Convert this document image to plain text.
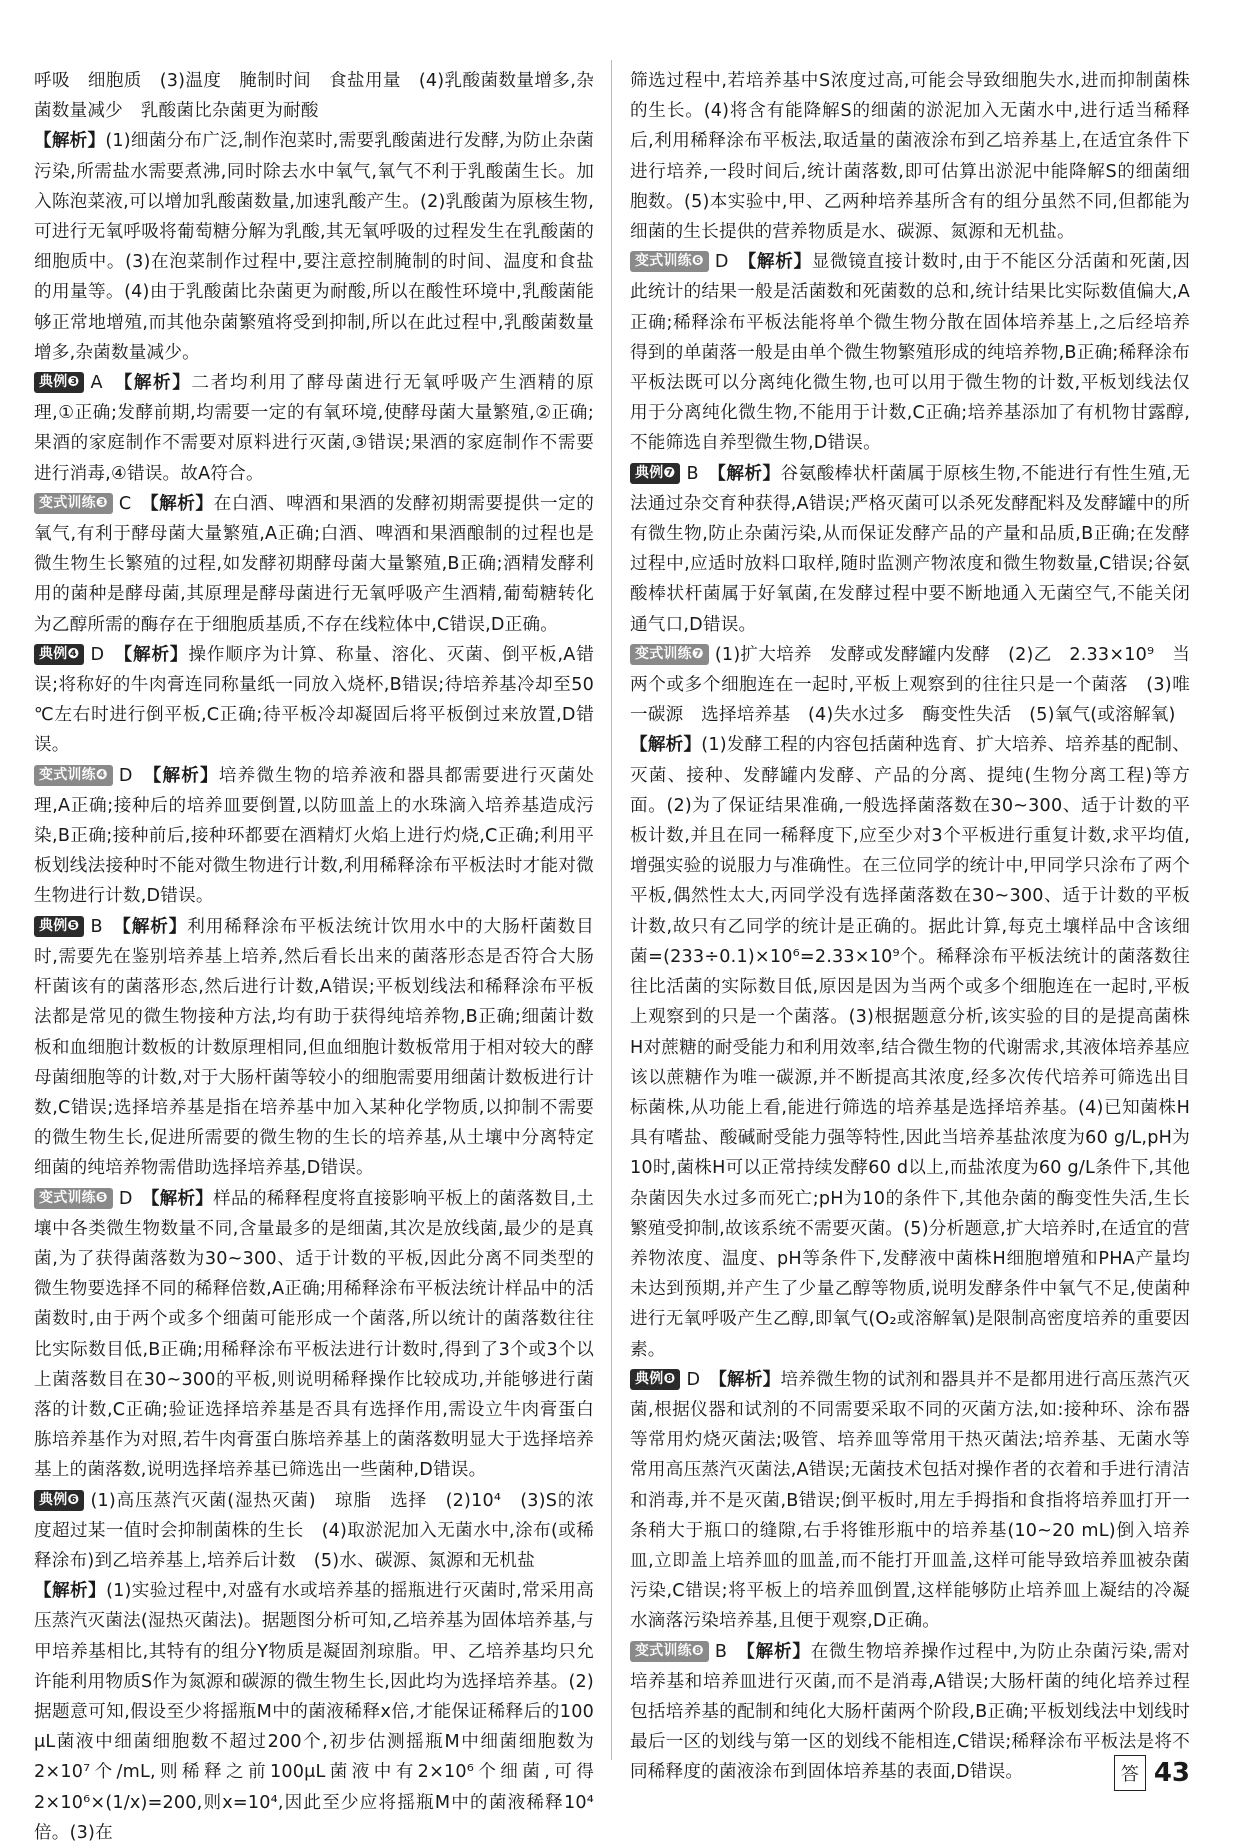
呼吸　细胞质　(3)温度　腌制时间　食盐用量　(4)乳酸菌数量增多,杂菌数量减少　乳酸菌比杂菌更为耐酸

【解析】(1)细菌分布广泛,制作泡菜时,需要乳酸菌进行发酵,为防止杂菌污染,所需盐水需要煮沸,同时除去水中氧气,氧气不利于乳酸菌生长。加入陈泡菜液,可以增加乳酸菌数量,加速乳酸产生。(2)乳酸菌为原核生物,可进行无氧呼吸将葡萄糖分解为乳酸,其无氧呼吸的过程发生在乳酸菌的细胞质中。(3)在泡菜制作过程中,要注意控制腌制的时间、温度和食盐的用量等。(4)由于乳酸菌比杂菌更为耐酸,所以在酸性环境中,乳酸菌能够正常地增殖,而其他杂菌繁殖将受到抑制,所以在此过程中,乳酸菌数量增多,杂菌数量减少。

典例❸ A　【解析】二者均利用了酵母菌进行无氧呼吸产生酒精的原理,①正确;发酵前期,均需要一定的有氧环境,使酵母菌大量繁殖,②正确;果酒的家庭制作不需要对原料进行灭菌,③错误;果酒的家庭制作不需要进行消毒,④错误。故A符合。

变式训练❸ C　【解析】在白酒、啤酒和果酒的发酵初期需要提供一定的氧气,有利于酵母菌大量繁殖,A正确;白酒、啤酒和果酒酿制的过程也是微生物生长繁殖的过程,如发酵初期酵母菌大量繁殖,B正确;酒精发酵利用的菌种是酵母菌,其原理是酵母菌进行无氧呼吸产生酒精,葡萄糖转化为乙醇所需的酶存在于细胞质基质,不存在线粒体中,C错误,D正确。

典例❹ D　【解析】操作顺序为计算、称量、溶化、灭菌、倒平板,A错误;将称好的牛肉膏连同称量纸一同放入烧杯,B错误;待培养基冷却至50 ℃左右时进行倒平板,C正确;待平板冷却凝固后将平板倒过来放置,D错误。

变式训练❹ D　【解析】培养微生物的培养液和器具都需要进行灭菌处理,A正确;接种后的培养皿要倒置,以防皿盖上的水珠滴入培养基造成污染,B正确;接种前后,接种环都要在酒精灯火焰上进行灼烧,C正确;利用平板划线法接种时不能对微生物进行计数,利用稀释涂布平板法时才能对微生物进行计数,D错误。

典例❺ B　【解析】利用稀释涂布平板法统计饮用水中的大肠杆菌数目时,需要先在鉴别培养基上培养,然后看长出来的菌落形态是否符合大肠杆菌该有的菌落形态,然后进行计数,A错误;平板划线法和稀释涂布平板法都是常见的微生物接种方法,均有助于获得纯培养物,B正确;细菌计数板和血细胞计数板的计数原理相同,但血细胞计数板常用于相对较大的酵母菌细胞等的计数,对于大肠杆菌等较小的细胞需要用细菌计数板进行计数,C错误;选择培养基是指在培养基中加入某种化学物质,以抑制不需要的微生物生长,促进所需要的微生物的生长的培养基,从土壤中分离特定细菌的纯培养物需借助选择培养基,D错误。

变式训练❺ D　【解析】样品的稀释程度将直接影响平板上的菌落数目,土壤中各类微生物数量不同,含量最多的是细菌,其次是放线菌,最少的是真菌,为了获得菌落数为30~300、适于计数的平板,因此分离不同类型的微生物要选择不同的稀释倍数,A正确;用稀释涂布平板法统计样品中的活菌数时,由于两个或多个细菌可能形成一个菌落,所以统计的菌落数往往比实际数目低,B正确;用稀释涂布平板法进行计数时,得到了3个或3个以上菌落数目在30~300的平板,则说明稀释操作比较成功,并能够进行菌落的计数,C正确;验证选择培养基是否具有选择作用,需设立牛肉膏蛋白胨培养基作为对照,若牛肉膏蛋白胨培养基上的菌落数明显大于选择培养基上的菌落数,说明选择培养基已筛选出一些菌种,D错误。

典例❻ (1)高压蒸汽灭菌(湿热灭菌)　琼脂　选择　(2)10⁴　(3)S的浓度超过某一值时会抑制菌株的生长　(4)取淤泥加入无菌水中,涂布(或稀释涂布)到乙培养基上,培养后计数　(5)水、碳源、氮源和无机盐

【解析】(1)实验过程中,对盛有水或培养基的摇瓶进行灭菌时,常采用高压蒸汽灭菌法(湿热灭菌法)。据题图分析可知,乙培养基为固体培养基,与甲培养基相比,其特有的组分Y物质是凝固剂琼脂。甲、乙培养基均只允许能利用物质S作为氮源和碳源的微生物生长,因此均为选择培养基。(2)据题意可知,假设至少将摇瓶M中的菌液稀释x倍,才能保证稀释后的100 μL菌液中细菌细胞数不超过200个,初步估测摇瓶M中细菌细胞数为2×10⁷个/mL,则稀释之前100μL菌液中有2×10⁶个细菌,可得2×10⁶×(1/x)=200,则x=10⁴,因此至少应将摇瓶M中的菌液稀释10⁴倍。(3)在

筛选过程中,若培养基中S浓度过高,可能会导致细胞失水,进而抑制菌株的生长。(4)将含有能降解S的细菌的淤泥加入无菌水中,进行适当稀释后,利用稀释涂布平板法,取适量的菌液涂布到乙培养基上,在适宜条件下进行培养,一段时间后,统计菌落数,即可估算出淤泥中能降解S的细菌细胞数。(5)本实验中,甲、乙两种培养基所含有的组分虽然不同,但都能为细菌的生长提供的营养物质是水、碳源、氮源和无机盐。

变式训练❻ D　【解析】显微镜直接计数时,由于不能区分活菌和死菌,因此统计的结果一般是活菌数和死菌数的总和,统计结果比实际数值偏大,A正确;稀释涂布平板法能将单个微生物分散在固体培养基上,之后经培养得到的单菌落一般是由单个微生物繁殖形成的纯培养物,B正确;稀释涂布平板法既可以分离纯化微生物,也可以用于微生物的计数,平板划线法仅用于分离纯化微生物,不能用于计数,C正确;培养基添加了有机物甘露醇,不能筛选自养型微生物,D错误。

典例❼ B　【解析】谷氨酸棒状杆菌属于原核生物,不能进行有性生殖,无法通过杂交育种获得,A错误;严格灭菌可以杀死发酵配料及发酵罐中的所有微生物,防止杂菌污染,从而保证发酵产品的产量和品质,B正确;在发酵过程中,应适时放料口取样,随时监测产物浓度和微生物数量,C错误;谷氨酸棒状杆菌属于好氧菌,在发酵过程中要不断地通入无菌空气,不能关闭通气口,D错误。

变式训练❼ (1)扩大培养　发酵或发酵罐内发酵　(2)乙　2.33×10⁹　当两个或多个细胞连在一起时,平板上观察到的往往只是一个菌落　(3)唯一碳源　选择培养基　(4)失水过多　酶变性失活　(5)氧气(或溶解氧)

【解析】(1)发酵工程的内容包括菌种选育、扩大培养、培养基的配制、灭菌、接种、发酵罐内发酵、产品的分离、提纯(生物分离工程)等方面。(2)为了保证结果准确,一般选择菌落数在30~300、适于计数的平板计数,并且在同一稀释度下,应至少对3个平板进行重复计数,求平均值,增强实验的说服力与准确性。在三位同学的统计中,甲同学只涂布了两个平板,偶然性太大,丙同学没有选择菌落数在30~300、适于计数的平板计数,故只有乙同学的统计是正确的。据此计算,每克土壤样品中含该细菌=(233÷0.1)×10⁶=2.33×10⁹个。稀释涂布平板法统计的菌落数往往比活菌的实际数目低,原因是因为当两个或多个细胞连在一起时,平板上观察到的只是一个菌落。(3)根据题意分析,该实验的目的是提高菌株H对蔗糖的耐受能力和利用效率,结合微生物的代谢需求,其液体培养基应该以蔗糖作为唯一碳源,并不断提高其浓度,经多次传代培养可筛选出目标菌株,从功能上看,能进行筛选的培养基是选择培养基。(4)已知菌株H具有嗜盐、酸碱耐受能力强等特性,因此当培养基盐浓度为60 g/L,pH为10时,菌株H可以正常持续发酵60 d以上,而盐浓度为60 g/L条件下,其他杂菌因失水过多而死亡;pH为10的条件下,其他杂菌的酶变性失活,生长繁殖受抑制,故该系统不需要灭菌。(5)分析题意,扩大培养时,在适宜的营养物浓度、温度、pH等条件下,发酵液中菌株H细胞增殖和PHA产量均未达到预期,并产生了少量乙醇等物质,说明发酵条件中氧气不足,使菌种进行无氧呼吸产生乙醇,即氧气(O₂或溶解氧)是限制高密度培养的重要因素。

典例❽ D　【解析】培养微生物的试剂和器具并不是都用进行高压蒸汽灭菌,根据仪器和试剂的不同需要采取不同的灭菌方法,如:接种环、涂布器等常用灼烧灭菌法;吸管、培养皿等常用干热灭菌法;培养基、无菌水等常用高压蒸汽灭菌法,A错误;无菌技术包括对操作者的衣着和手进行清洁和消毒,并不是灭菌,B错误;倒平板时,用左手拇指和食指将培养皿打开一条稍大于瓶口的缝隙,右手将锥形瓶中的培养基(10~20 mL)倒入培养皿,立即盖上培养皿的皿盖,而不能打开皿盖,这样可能导致培养皿被杂菌污染,C错误;将平板上的培养皿倒置,这样能够防止培养皿上凝结的冷凝水滴落污染培养基,且便于观察,D正确。

变式训练❽ B　【解析】在微生物培养操作过程中,为防止杂菌污染,需对培养基和培养皿进行灭菌,而不是消毒,A错误;大肠杆菌的纯化培养过程包括培养基的配制和纯化大肠杆菌两个阶段,B正确;平板划线法中划线时最后一区的划线与第一区的划线不能相连,C错误;稀释涂布平板法是将不同稀释度的菌液涂布到固体培养基的表面,D错误。	答 43
